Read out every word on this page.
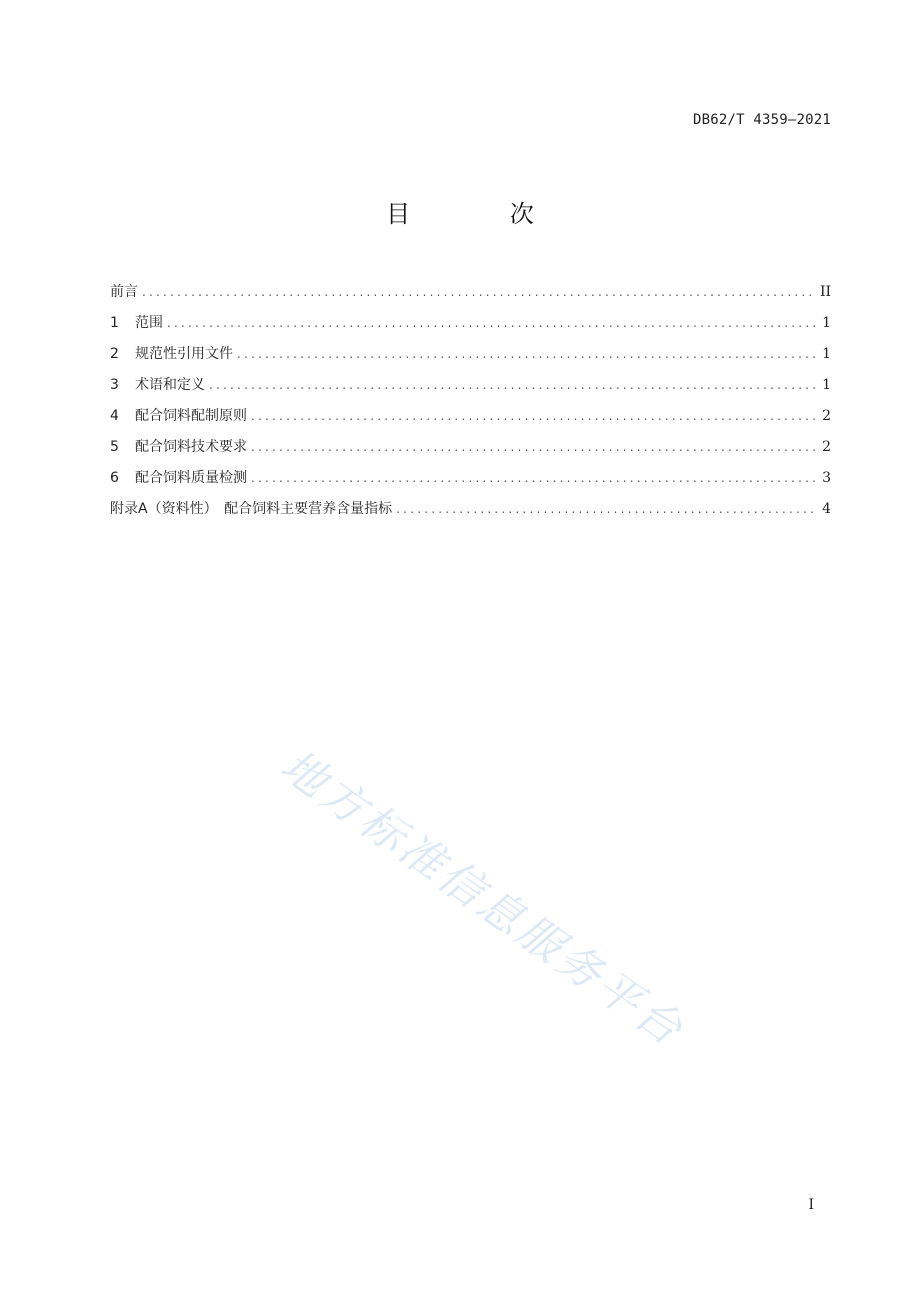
DB62/T 4359—2021
目 次
前言 .....	II
1	范围 .....	1
2	规范性引用文件 .....	1
3	术语和定义 .....	1
4	配合饲料配制原则 .....	2
5	配合饲料技术要求 .....	2
6	配合饲料质量检测 .....	3
附录A（资料性） 配合饲料主要营养含量指标 .....	4
地方标准信息服务平台
I
